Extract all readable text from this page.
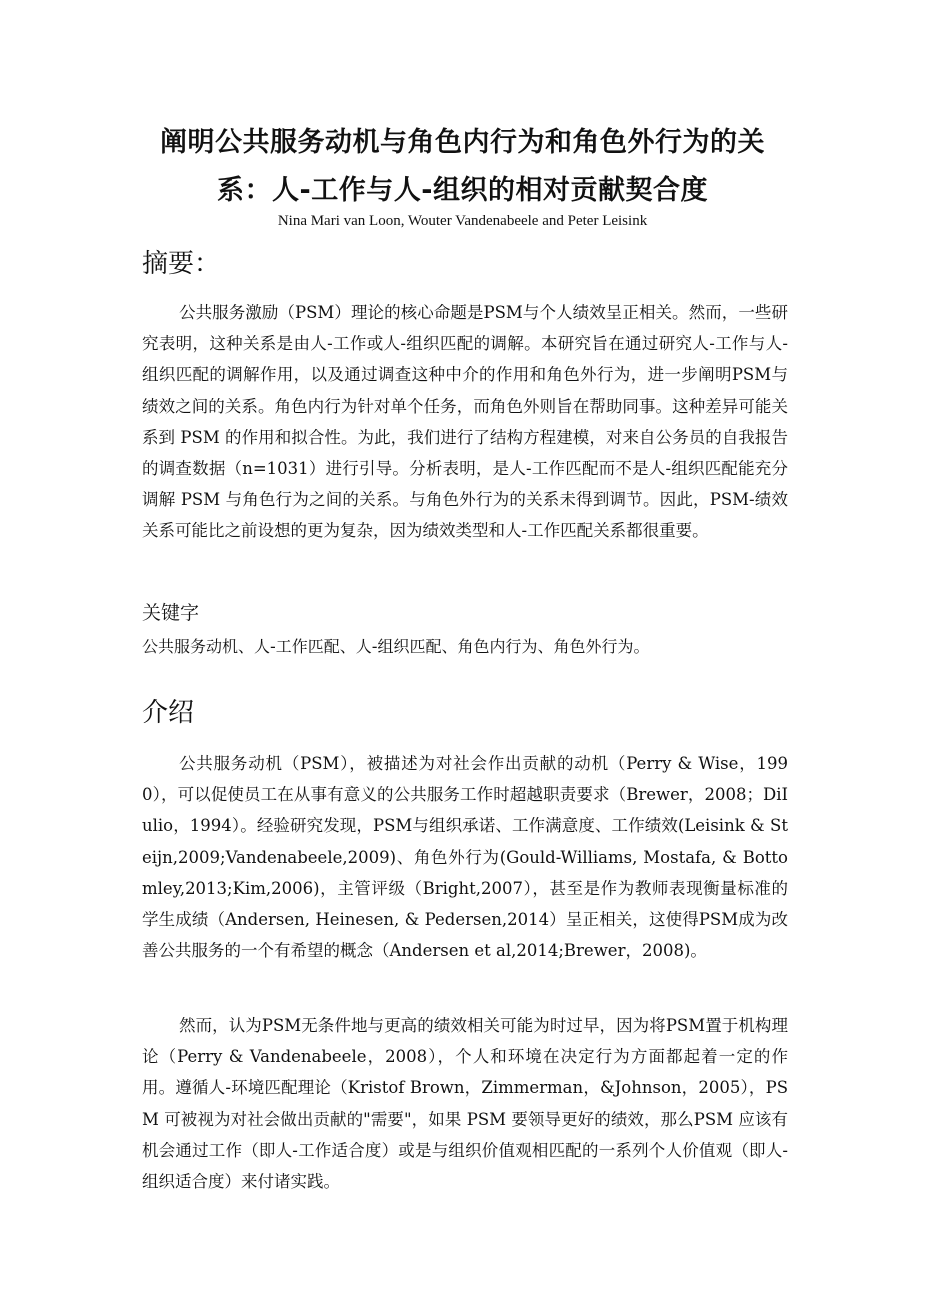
阐明公共服务动机与角色内行为和角色外行为的关
系：人-工作与人-组织的相对贡献契合度
Nina Mari van Loon, Wouter Vandenabeele and Peter Leisink
摘要：

公共服务激励（PSM）理论的核心命题是PSM与个人绩效呈正相关。然而，一些研究表明，这种关系是由人-工作或人-组织匹配的调解。本研究旨在通过研究人-工作与人-组织匹配的调解作用，以及通过调查这种中介的作用和角色外行为，进一步阐明PSM与绩效之间的关系。角色内行为针对单个任务，而角色外则旨在帮助同事。这种差异可能关系到 PSM 的作用和拟合性。为此，我们进行了结构方程建模，对来自公务员的自我报告的调查数据（n=1031）进行引导。分析表明，是人-工作匹配而不是人-组织匹配能充分调解 PSM 与角色行为之间的关系。与角色外行为的关系未得到调节。因此，PSM-绩效关系可能比之前设想的更为复杂，因为绩效类型和人-工作匹配关系都很重要。

关键字
公共服务动机、人-工作匹配、人-组织匹配、角色内行为、角色外行为。
介绍

公共服务动机（PSM），被描述为对社会作出贡献的动机（Perry & Wise，1990），可以促使员工在从事有意义的公共服务工作时超越职责要求（Brewer，2008；DiIulio，1994）。经验研究发现，PSM与组织承诺、工作满意度、工作绩效(Leisink & Steijn,2009;Vandenabeele,2009)、角色外行为(Gould-Williams, Mostafa, & Bottomley,2013;Kim,2006)，主管评级（Bright,2007），甚至是作为教师表现衡量标准的学生成绩（Andersen, Heinesen, & Pedersen,2014）呈正相关，这使得PSM成为改善公共服务的一个有希望的概念（Andersen et al,2014;Brewer，2008)。

然而，认为PSM无条件地与更高的绩效相关可能为时过早，因为将PSM置于机构理论（Perry & Vandenabeele，2008），个人和环境在决定行为方面都起着一定的作用。遵循人-环境匹配理论（Kristof Brown，Zimmerman，&Johnson，2005），PSM 可被视为对社会做出贡献的"需要"，如果 PSM 要领导更好的绩效，那么PSM 应该有机会通过工作（即人-工作适合度）或是与组织价值观相匹配的一系列个人价值观（即人-组织适合度）来付诸实践。
